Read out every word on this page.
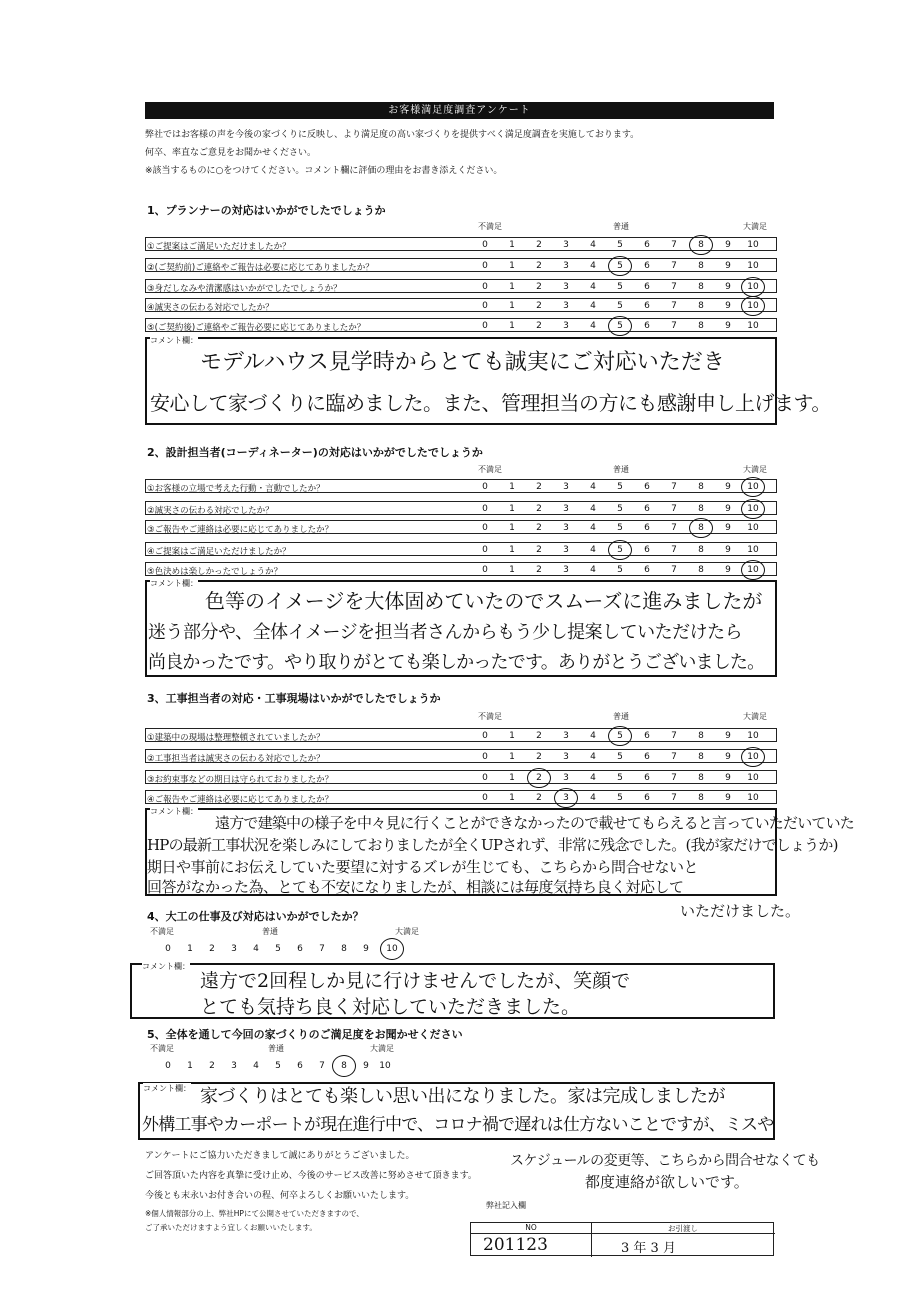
お客様満足度調査アンケート
弊社ではお客様の声を今後の家づくりに反映し、より満足度の高い家づくりを提供すべく満足度調査を実施しております。
何卒、率直なご意見をお聞かせください。
※該当するものに○をつけてください。コメント欄に評価の理由をお書き添えください。
1、プランナーの対応はいかがでしたでしょうか
不満足	普通	大満足
①ご提案はご満足いただけましたか？	0	1	2	3	4	5	6	7	8	9	10
②(ご契約前)ご連絡やご報告は必要に応じてありましたか？	0	1	2	3	4	5	6	7	8	9	10
③身だしなみや清潔感はいかがでしたでしょうか？	0	1	2	3	4	5	6	7	8	9	10
④誠実さの伝わる対応でしたか？	0	1	2	3	4	5	6	7	8	9	10
⑤(ご契約後)ご連絡やご報告必要に応じてありましたか？	0	1	2	3	4	5	6	7	8	9	10
コメント欄：
モデルハウス見学時からとても誠実にご対応いただき
安心して家づくりに臨めました。また、管理担当の方にも感謝申し上げます。
2、設計担当者(コーディネーター)の対応はいかがでしたでしょうか
不満足	普通	大満足
①お客様の立場で考えた行動・言動でしたか？	0	1	2	3	4	5	6	7	8	9	10
②誠実さの伝わる対応でしたか？	0	1	2	3	4	5	6	7	8	9	10
③ご報告やご連絡は必要に応じてありましたか？	0	1	2	3	4	5	6	7	8	9	10
④ご提案はご満足いただけましたか？	0	1	2	3	4	5	6	7	8	9	10
⑤色決めは楽しかったでしょうか？	0	1	2	3	4	5	6	7	8	9	10
コメント欄：
色等のイメージを大体固めていたのでスムーズに進みましたが
迷う部分や、全体イメージを担当者さんからもう少し提案していただけたら
尚良かったです。やり取りがとても楽しかったです。ありがとうございました。
3、工事担当者の対応・工事現場はいかがでしたでしょうか
不満足	普通	大満足
①建築中の現場は整理整頓されていましたか？	0	1	2	3	4	5	6	7	8	9	10
②工事担当者は誠実さの伝わる対応でしたか？	0	1	2	3	4	5	6	7	8	9	10
③お約束事などの期日は守られておりましたか？	0	1	2	3	4	5	6	7	8	9	10
④ご報告やご連絡は必要に応じてありましたか？	0	1	2	3	4	5	6	7	8	9	10
コメント欄：
遠方で建築中の様子を中々見に行くことができなかったので載せてもらえると言っていただいていた
HPの最新工事状況を楽しみにしておりましたが全くUPされず、非常に残念でした。(我が家だけでしょうか)
期日や事前にお伝えしていた要望に対するズレが生じても、こちらから問合せないと
回答がなかった為、とても不安になりましたが、相談には毎度気持ち良く対応して
いただけました。
4、大工の仕事及び対応はいかがでしたか？
不満足	普通	大満足
0	1	2	3	4	5	6	7	8	9	10
コメント欄：
遠方で2回程しか見に行けませんでしたが、笑顔で
とても気持ち良く対応していただきました。
5、全体を通して今回の家づくりのご満足度をお聞かせください
不満足	普通	大満足
0	1	2	3	4	5	6	7	8	9	10
コメント欄： 家づくりはとても楽しい思い出になりました。家は完成しましたが
外構工事やカーポートが現在進行中で、コロナ禍で遅れは仕方ないことですが、ミスや
スケジュールの変更等、こちらから問合せなくても
都度連絡が欲しいです。
アンケートにご協力いただきまして誠にありがとうございました。
ご回答頂いた内容を真摯に受け止め、今後のサービス改善に努めさせて頂きます。
今後とも末永いお付き合いの程、何卒よろしくお願いいたします。
※個人情報部分の上、弊社HPにて公開させていただきますので、
ご了承いただけますよう宜しくお願いいたします。
弊社記入欄
NO	お引渡し
201123	3 年 3 月
